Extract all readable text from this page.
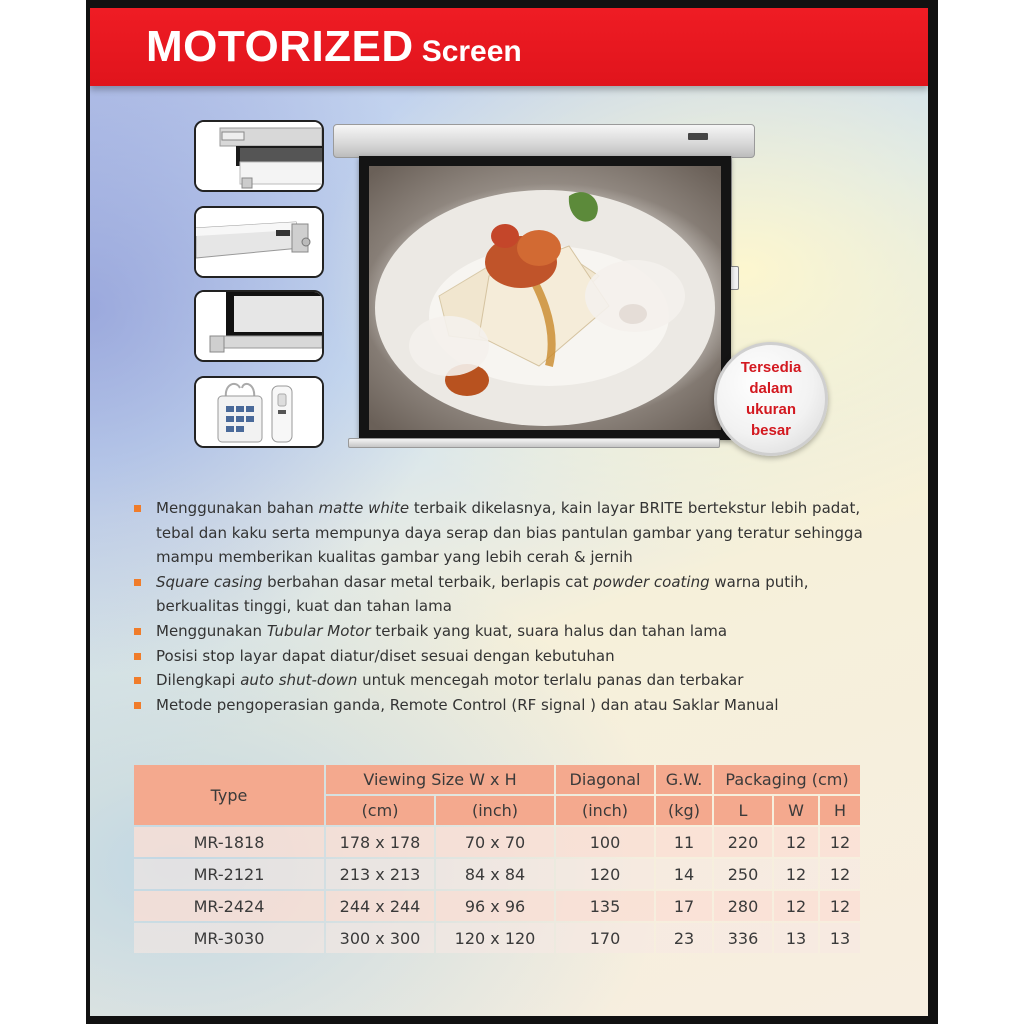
MOTORIZED Screen
Tersedia
dalam
ukuran
besar
Menggunakan bahan matte white terbaik dikelasnya, kain layar BRITE bertekstur lebih padat, tebal dan kaku serta mempunya daya serap dan bias pantulan gambar yang teratur sehingga mampu memberikan kualitas gambar yang lebih cerah & jernih
Square casing berbahan dasar metal terbaik, berlapis cat powder coating warna putih, berkualitas tinggi, kuat dan tahan lama
Menggunakan Tubular Motor terbaik yang kuat, suara halus dan tahan lama
Posisi stop layar dapat diatur/diset sesuai dengan kebutuhan
Dilengkapi auto shut-down untuk mencegah motor terlalu panas dan terbakar
Metode pengoperasian ganda, Remote Control (RF signal ) dan atau Saklar Manual
Type	Viewing Size W x H		Diagonal	G.W.	Packaging (cm)		
	(cm)	(inch)	(inch)	(kg)	L	W	H
MR-1818	178 x 178	70 x 70	100	11	220	12	12
MR-2121	213 x 213	84 x 84	120	14	250	12	12
MR-2424	244 x 244	96 x 96	135	17	280	12	12
MR-3030	300 x 300	120 x 120	170	23	336	13	13
